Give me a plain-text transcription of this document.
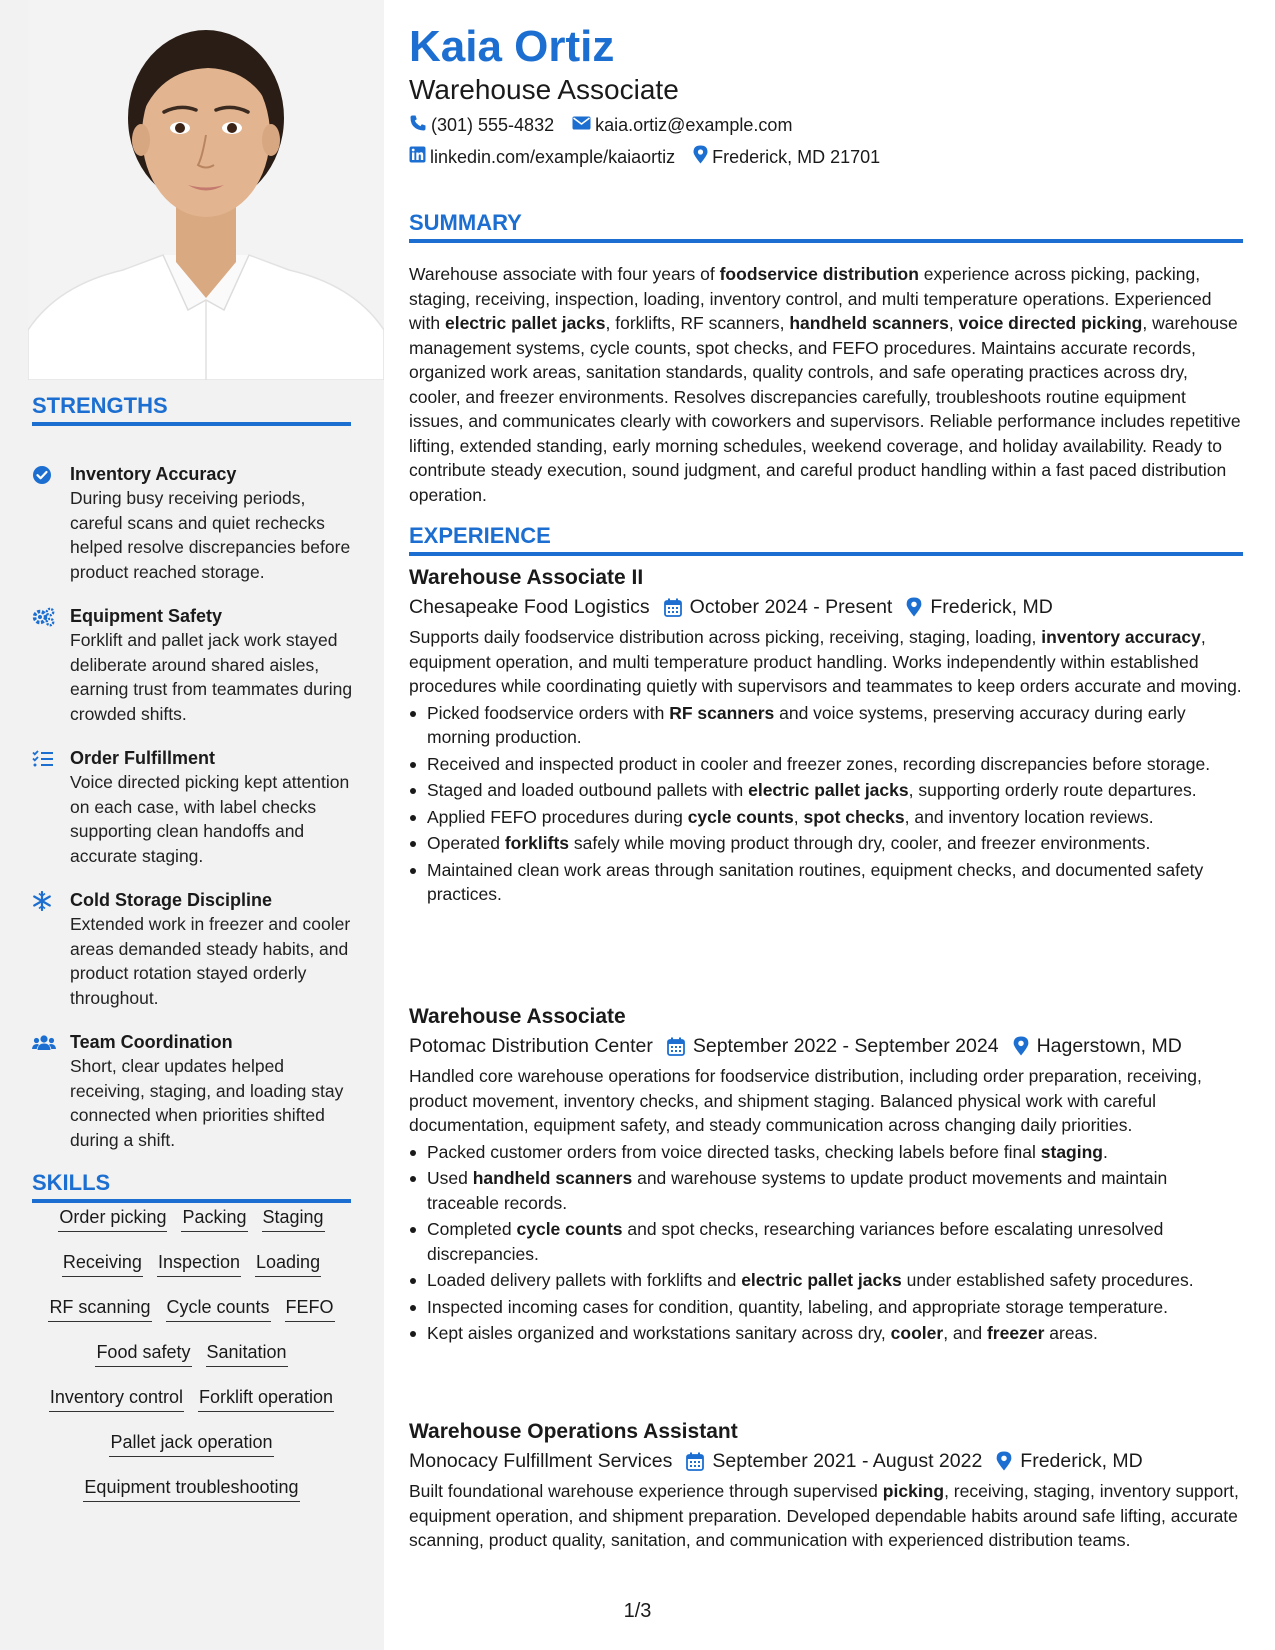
STRENGTHS
Inventory Accuracy
During busy receiving periods, careful scans and quiet rechecks helped resolve discrepancies before product reached storage.
Equipment Safety
Forklift and pallet jack work stayed deliberate around shared aisles, earning trust from teammates during crowded shifts.
Order Fulfillment
Voice directed picking kept attention on each case, with label checks supporting clean handoffs and accurate staging.
Cold Storage Discipline
Extended work in freezer and cooler areas demanded steady habits, and product rotation stayed orderly throughout.
Team Coordination
Short, clear updates helped receiving, staging, and loading stay connected when priorities shifted during a shift.
SKILLS
Order picking Packing Staging
Receiving Inspection Loading
RF scanning Cycle counts FEFO
Food safety Sanitation
Inventory control Forklift operation
Pallet jack operation
Equipment troubleshooting
Kaia Ortiz
Warehouse Associate
(301) 555-4832 kaia.ortiz@example.com
linkedin.com/example/kaiaortiz Frederick, MD 21701
SUMMARY
Warehouse associate with four years of foodservice distribution experience across picking, packing, staging, receiving, inspection, loading, inventory control, and multi temperature operations. Experienced with electric pallet jacks, forklifts, RF scanners, handheld scanners, voice directed picking, warehouse management systems, cycle counts, spot checks, and FEFO procedures. Maintains accurate records, organized work areas, sanitation standards, quality controls, and safe operating practices across dry, cooler, and freezer environments. Resolves discrepancies carefully, troubleshoots routine equipment issues, and communicates clearly with coworkers and supervisors. Reliable performance includes repetitive lifting, extended standing, early morning schedules, weekend coverage, and holiday availability. Ready to contribute steady execution, sound judgment, and careful product handling within a fast paced distribution operation.
EXPERIENCE
Warehouse Associate II
Chesapeake Food Logistics October 2024 - Present Frederick, MD
Supports daily foodservice distribution across picking, receiving, staging, loading, inventory accuracy, equipment operation, and multi temperature product handling. Works independently within established procedures while coordinating quietly with supervisors and teammates to keep orders accurate and moving.
Picked foodservice orders with RF scanners and voice systems, preserving accuracy during early morning production.
Received and inspected product in cooler and freezer zones, recording discrepancies before storage.
Staged and loaded outbound pallets with electric pallet jacks, supporting orderly route departures.
Applied FEFO procedures during cycle counts, spot checks, and inventory location reviews.
Operated forklifts safely while moving product through dry, cooler, and freezer environments.
Maintained clean work areas through sanitation routines, equipment checks, and documented safety practices.
Warehouse Associate
Potomac Distribution Center September 2022 - September 2024 Hagerstown, MD
Handled core warehouse operations for foodservice distribution, including order preparation, receiving, product movement, inventory checks, and shipment staging. Balanced physical work with careful documentation, equipment safety, and steady communication across changing daily priorities.
Packed customer orders from voice directed tasks, checking labels before final staging.
Used handheld scanners and warehouse systems to update product movements and maintain traceable records.
Completed cycle counts and spot checks, researching variances before escalating unresolved discrepancies.
Loaded delivery pallets with forklifts and electric pallet jacks under established safety procedures.
Inspected incoming cases for condition, quantity, labeling, and appropriate storage temperature.
Kept aisles organized and workstations sanitary across dry, cooler, and freezer areas.
Warehouse Operations Assistant
Monocacy Fulfillment Services September 2021 - August 2022 Frederick, MD
Built foundational warehouse experience through supervised picking, receiving, staging, inventory support, equipment operation, and shipment preparation. Developed dependable habits around safe lifting, accurate scanning, product quality, sanitation, and communication with experienced distribution teams.
1/3
